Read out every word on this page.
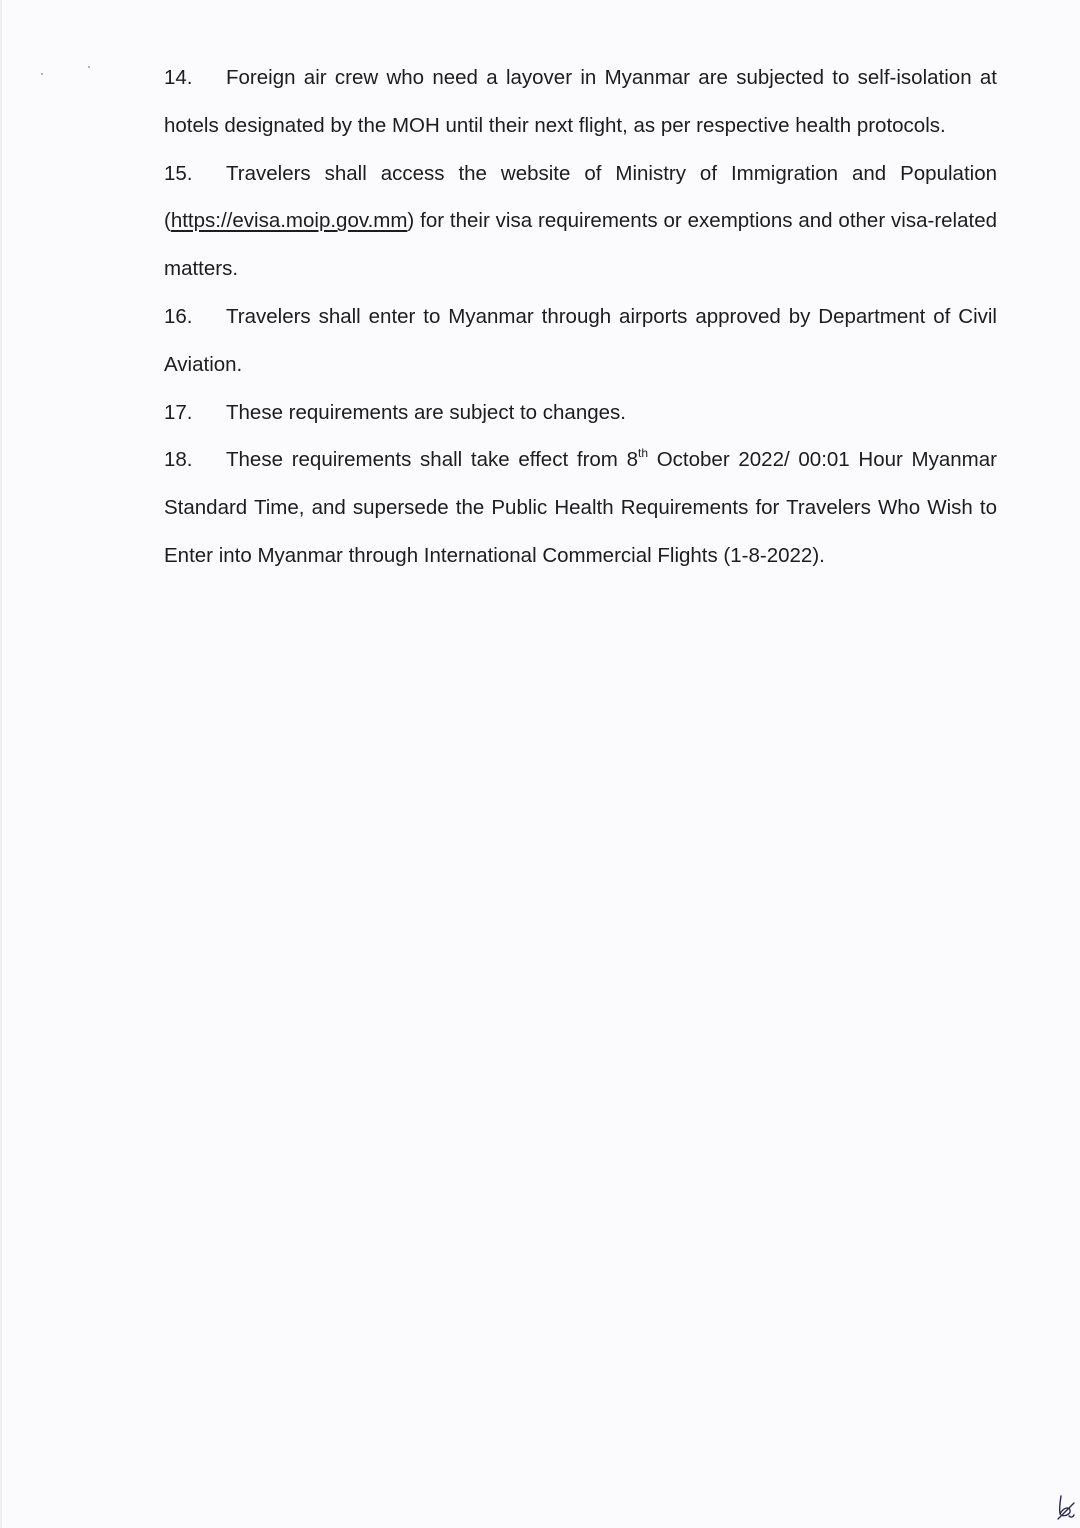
14. Foreign air crew who need a layover in Myanmar are subjected to self-isolation at hotels designated by the MOH until their next flight, as per respective health protocols.

15. Travelers shall access the website of Ministry of Immigration and Population (https://evisa.moip.gov.mm) for their visa requirements or exemptions and other visa-related matters.

16. Travelers shall enter to Myanmar through airports approved by Department of Civil Aviation.

17. These requirements are subject to changes.

18. These requirements shall take effect from 8th October 2022/ 00:01 Hour Myanmar Standard Time, and supersede the Public Health Requirements for Travelers Who Wish to Enter into Myanmar through International Commercial Flights (1-8-2022).
